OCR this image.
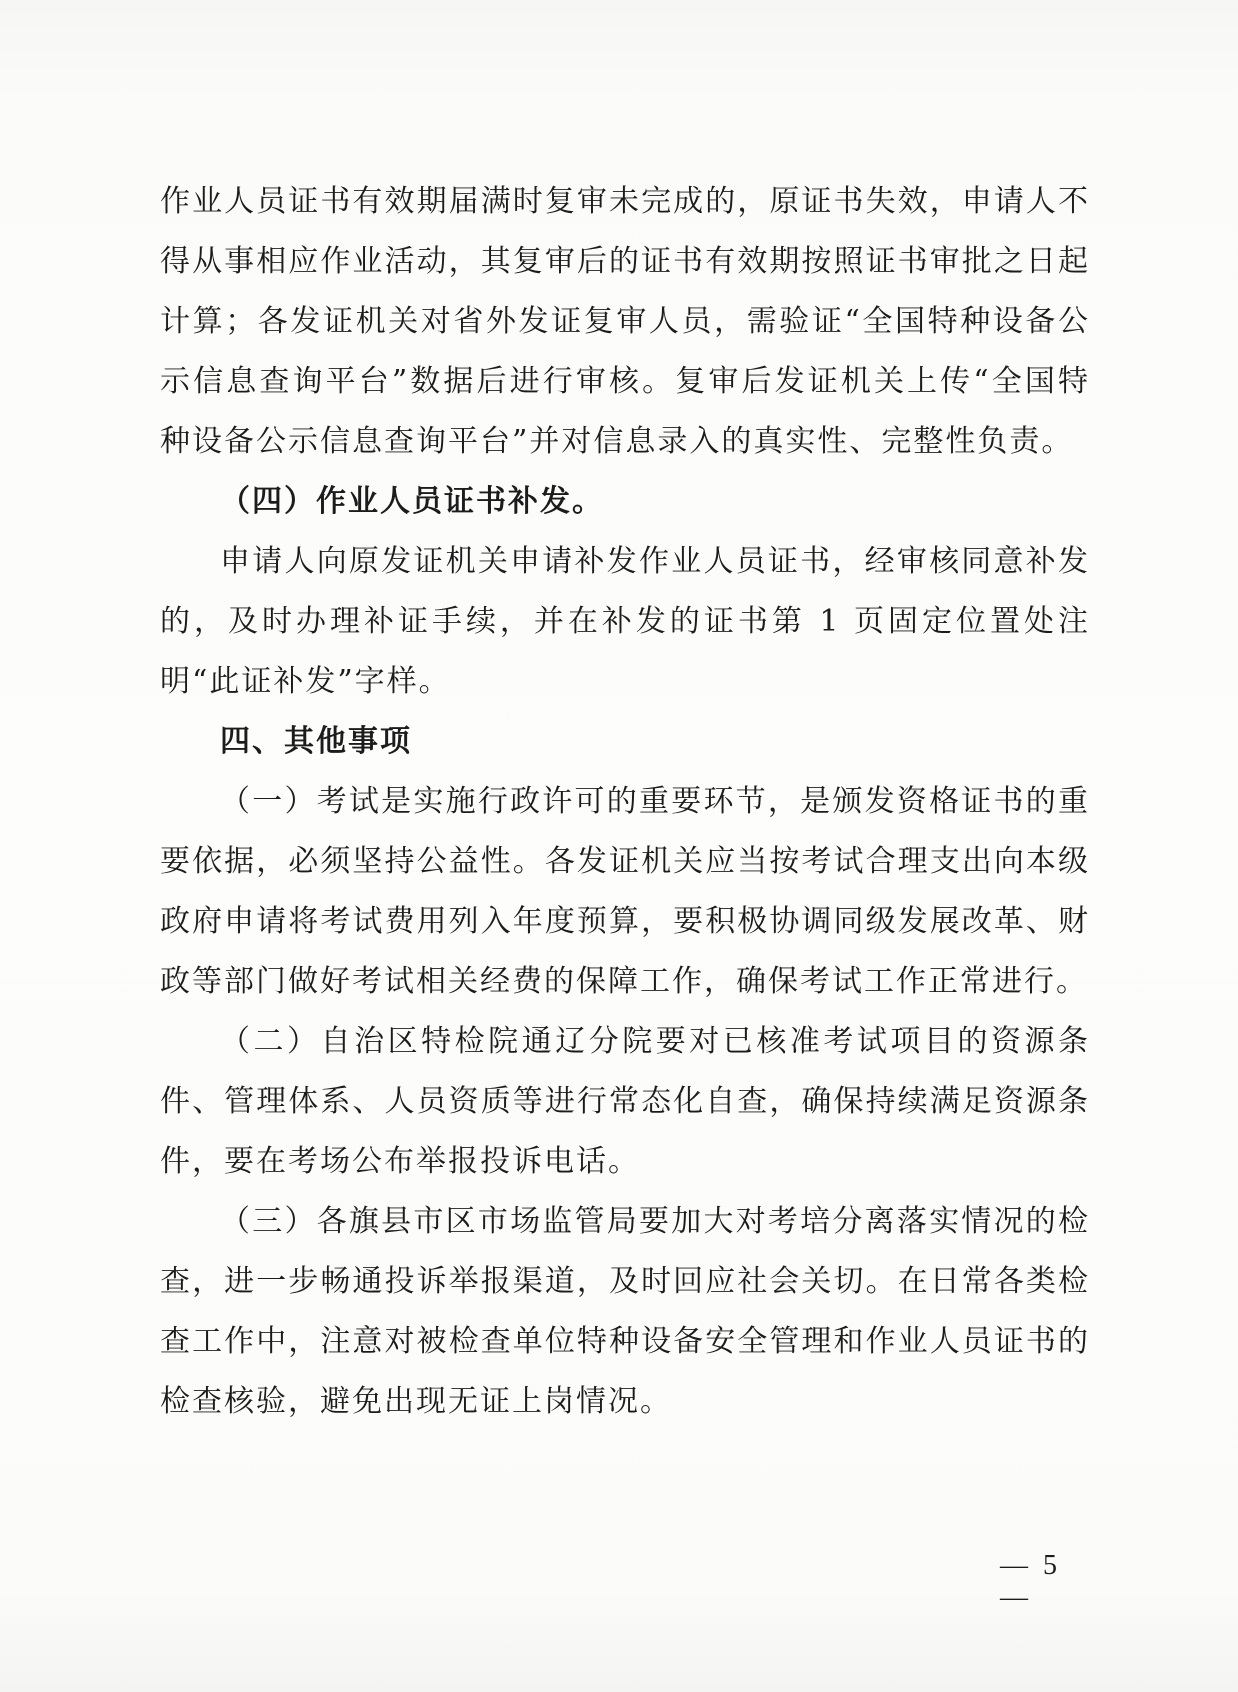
作业人员证书有效期届满时复审未完成的，原证书失效，申请人不得从事相应作业活动，其复审后的证书有效期按照证书审批之日起计算；各发证机关对省外发证复审人员，需验证“全国特种设备公示信息查询平台”数据后进行审核。复审后发证机关上传“全国特种设备公示信息查询平台”并对信息录入的真实性、完整性负责。

（四）作业人员证书补发。

申请人向原发证机关申请补发作业人员证书，经审核同意补发的，及时办理补证手续，并在补发的证书第 1 页固定位置处注明“此证补发”字样。

四、其他事项

（一）考试是实施行政许可的重要环节，是颁发资格证书的重要依据，必须坚持公益性。各发证机关应当按考试合理支出向本级政府申请将考试费用列入年度预算，要积极协调同级发展改革、财政等部门做好考试相关经费的保障工作，确保考试工作正常进行。

（二）自治区特检院通辽分院要对已核准考试项目的资源条件、管理体系、人员资质等进行常态化自查，确保持续满足资源条件，要在考场公布举报投诉电话。

（三）各旗县市区市场监管局要加大对考培分离落实情况的检查，进一步畅通投诉举报渠道，及时回应社会关切。在日常各类检查工作中，注意对被检查单位特种设备安全管理和作业人员证书的检查核验，避免出现无证上岗情况。

— 5 —
